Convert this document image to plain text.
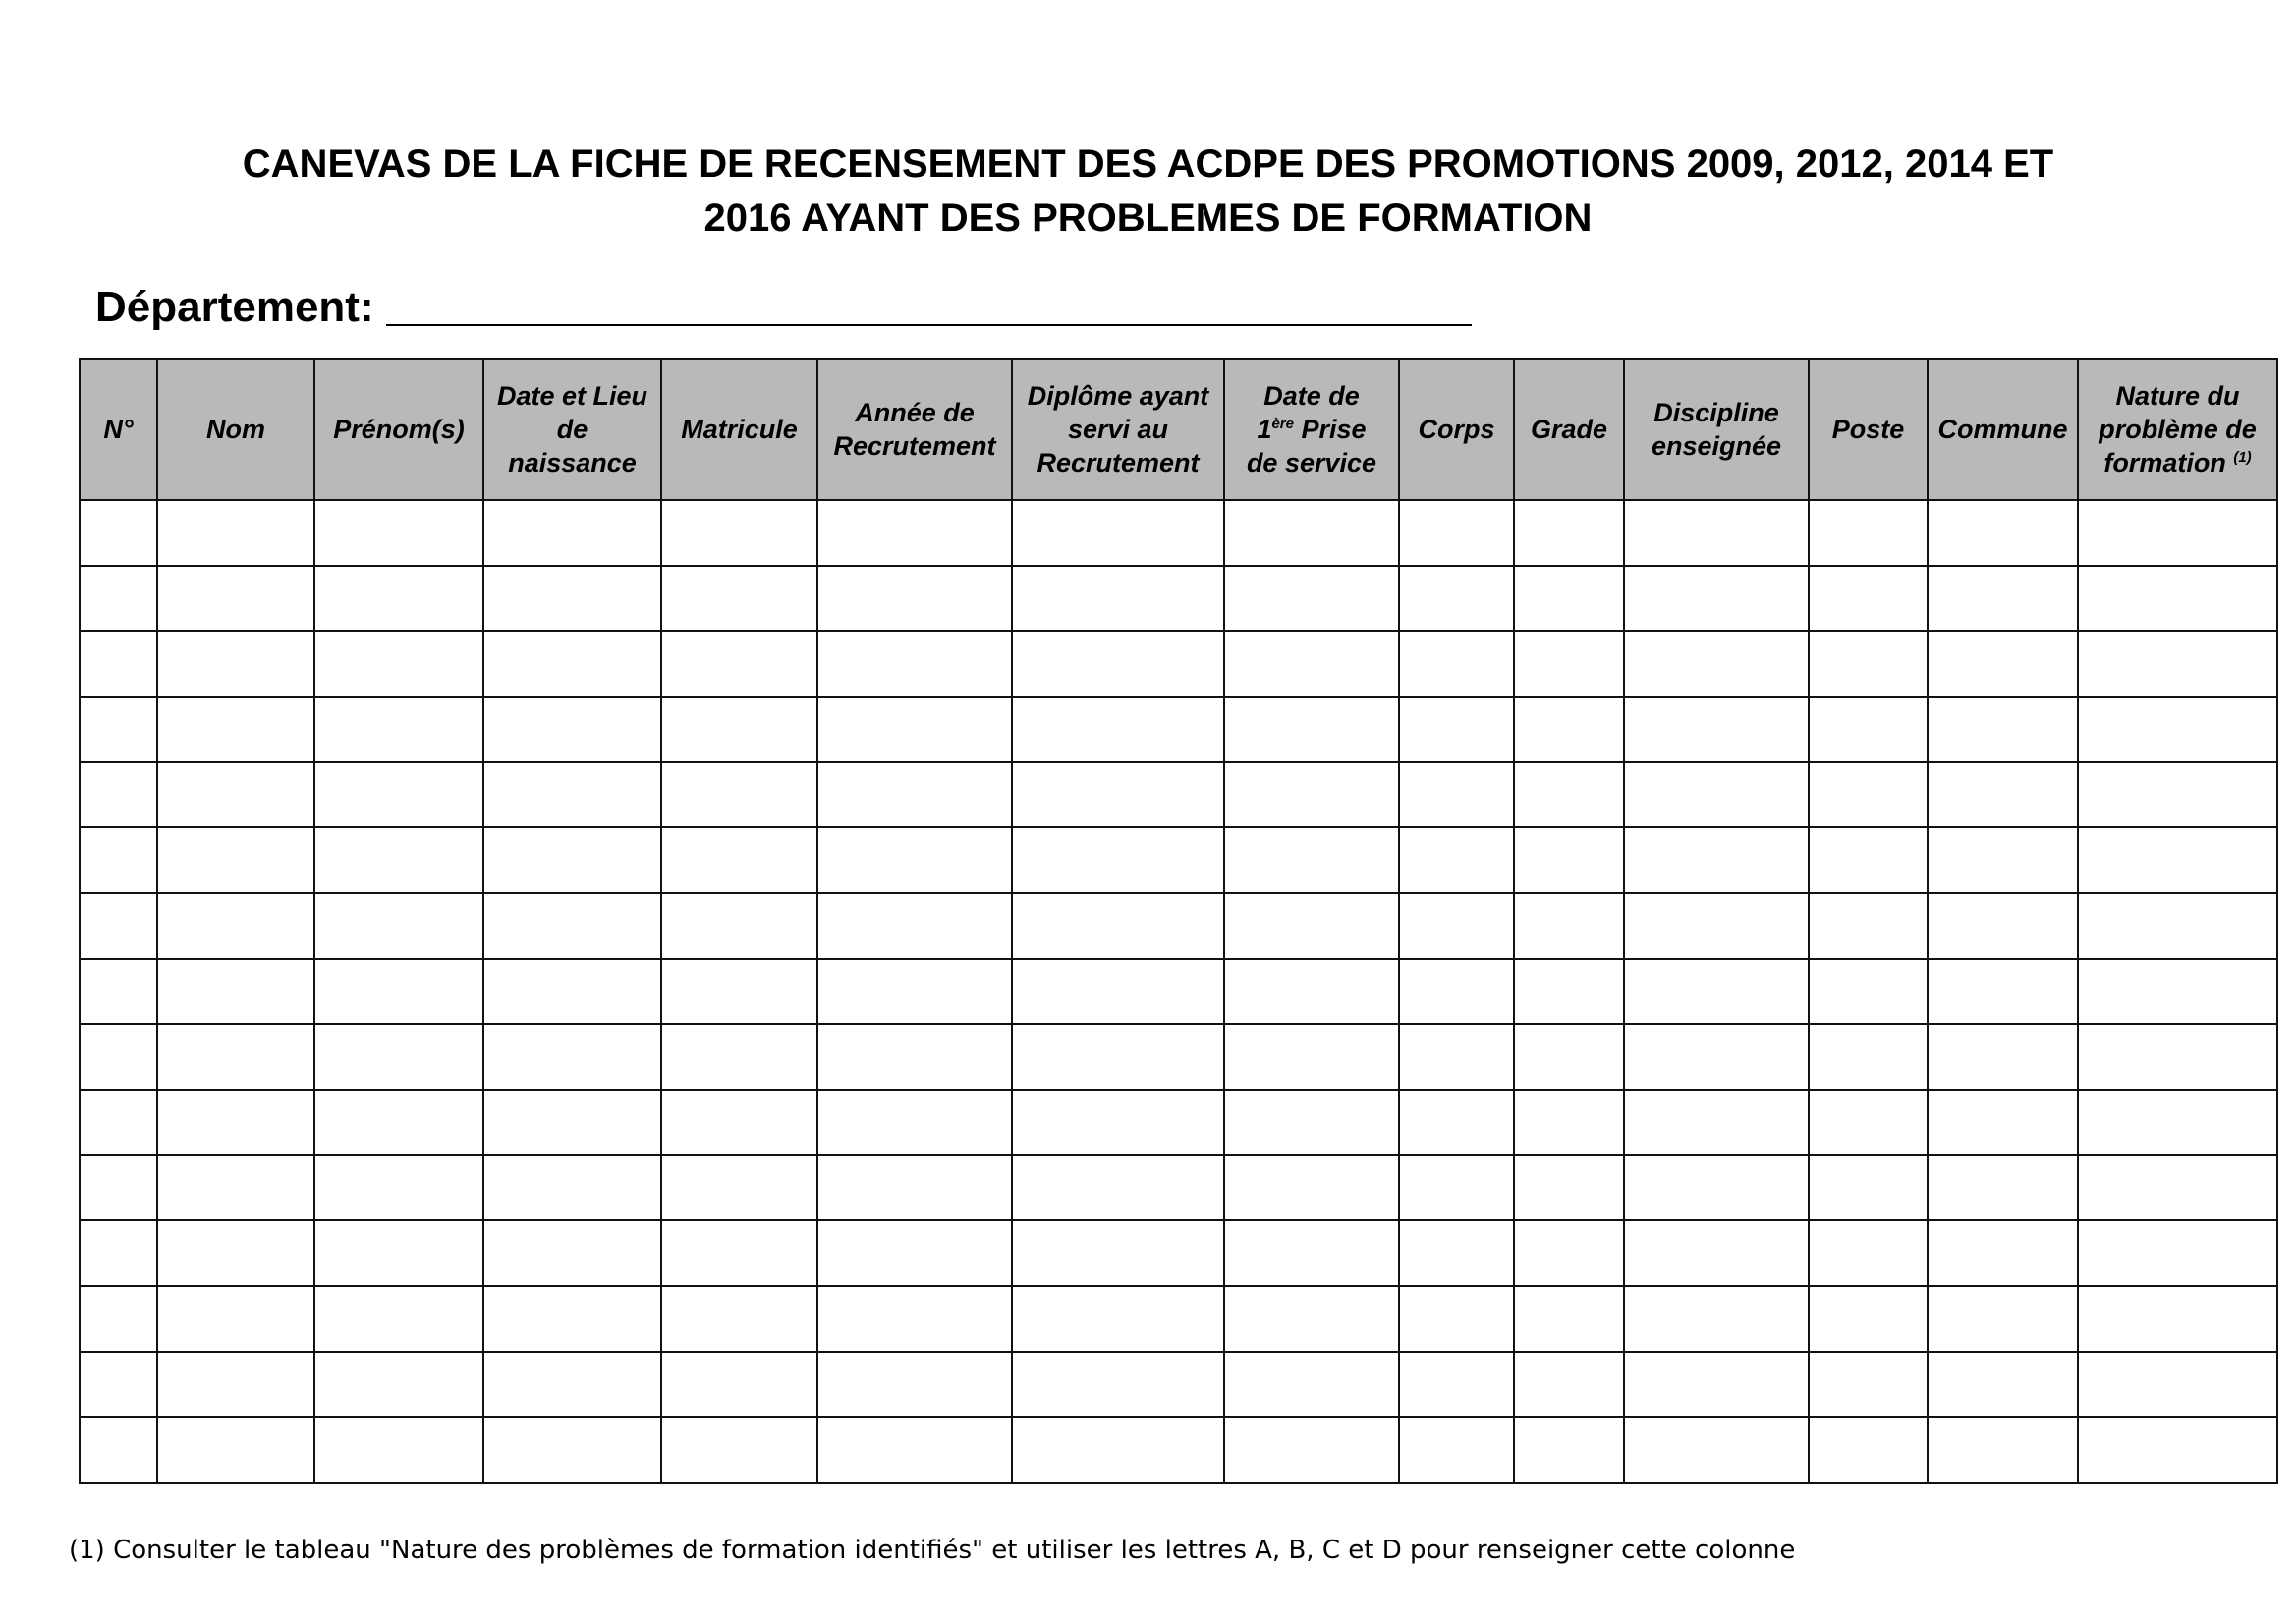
CANEVAS DE LA FICHE DE RECENSEMENT DES ACDPE DES PROMOTIONS 2009, 2012, 2014 ET
2016 AYANT DES PROBLEMES DE FORMATION
Département:
N°	Nom	Prénom(s)	Date et Lieu
de
naissance	Matricule	Année de
Recrutement	Diplôme ayant
servi au
Recrutement	Date de
1ère Prise
de service	Corps	Grade	Discipline
enseignée	Poste	Commune	Nature du
problème de
formation $^{(1)}$

(1) Consulter le tableau "Nature des problèmes de formation identifiés" et utiliser les lettres A, B, C et D pour renseigner cette colonne
